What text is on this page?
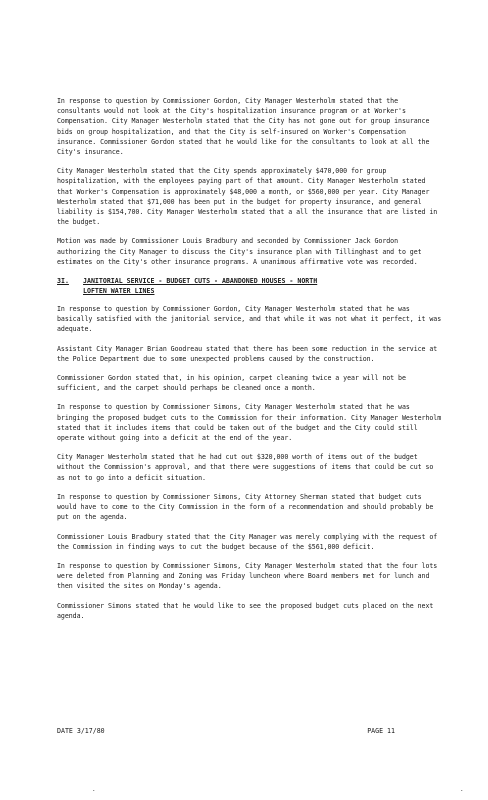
In response to question by Commissioner Gordon, City Manager Westerholm stated that the consultants would not look at the City's hospitalization insurance program or at Worker's Compensation. City Manager Westerholm stated that the City has not gone out for group insurance bids on group hospitalization, and that the City is self-insured on Worker's Compensation insurance. Commissioner Gordon stated that he would like for the consultants to look at all the City's insurance.

City Manager Westerholm stated that the City spends approximately $470,000 for group hospitalization, with the employees paying part of that amount. City Manager Westerholm stated that Worker's Compensation is approximately $48,000 a month, or $560,000 per year. City Manager Westerholm stated that $71,000 has been put in the budget for property insurance, and general liability is $154,700. City Manager Westerholm stated that a all the insurance that are listed in the budget.

Motion was made by Commissioner Louis Bradbury and seconded by Commissioner Jack Gordon authorizing the City Manager to discuss the City's insurance plan with Tillinghast and to get estimates on the City's other insurance programs. A unanimous affirmative vote was recorded.

3I.	JANITORIAL SERVICE - BUDGET CUTS - ABANDONED HOUSES - NORTH
LOFTEN WATER LINES

In response to question by Commissioner Gordon, City Manager Westerholm stated that he was basically satisfied with the janitorial service, and that while it was not what it perfect, it was adequate.

Assistant City Manager Brian Goodreau stated that there has been some reduction in the service at the Police Department due to some unexpected problems caused by the construction.

Commissioner Gordon stated that, in his opinion, carpet cleaning twice a year will not be sufficient, and the carpet should perhaps be cleaned once a month.

In response to question by Commissioner Simons, City Manager Westerholm stated that he was bringing the proposed budget cuts to the Commission for their information. City Manager Westerholm stated that it includes items that could be taken out of the budget and the City could still operate without going into a deficit at the end of the year.

City Manager Westerholm stated that he had cut out $320,000 worth of items out of the budget without the Commission's approval, and that there were suggestions of items that could be cut so as not to go into a deficit situation.

In response to question by Commissioner Simons, City Attorney Sherman stated that budget cuts would have to come to the City Commission in the form of a recommendation and should probably be put on the agenda.

Commissioner Louis Bradbury stated that the City Manager was merely complying with the request of the Commission in finding ways to cut the budget because of the $561,000 deficit.

In response to question by Commissioner Simons, City Manager Westerholm stated that the four lots were deleted from Planning and Zoning was Friday luncheon where Board members met for lunch and then visited the sites on Monday's agenda.

Commissioner Simons stated that he would like to see the proposed budget cuts placed on the next agenda.

DATE 3/17/80	PAGE 11
.	.
